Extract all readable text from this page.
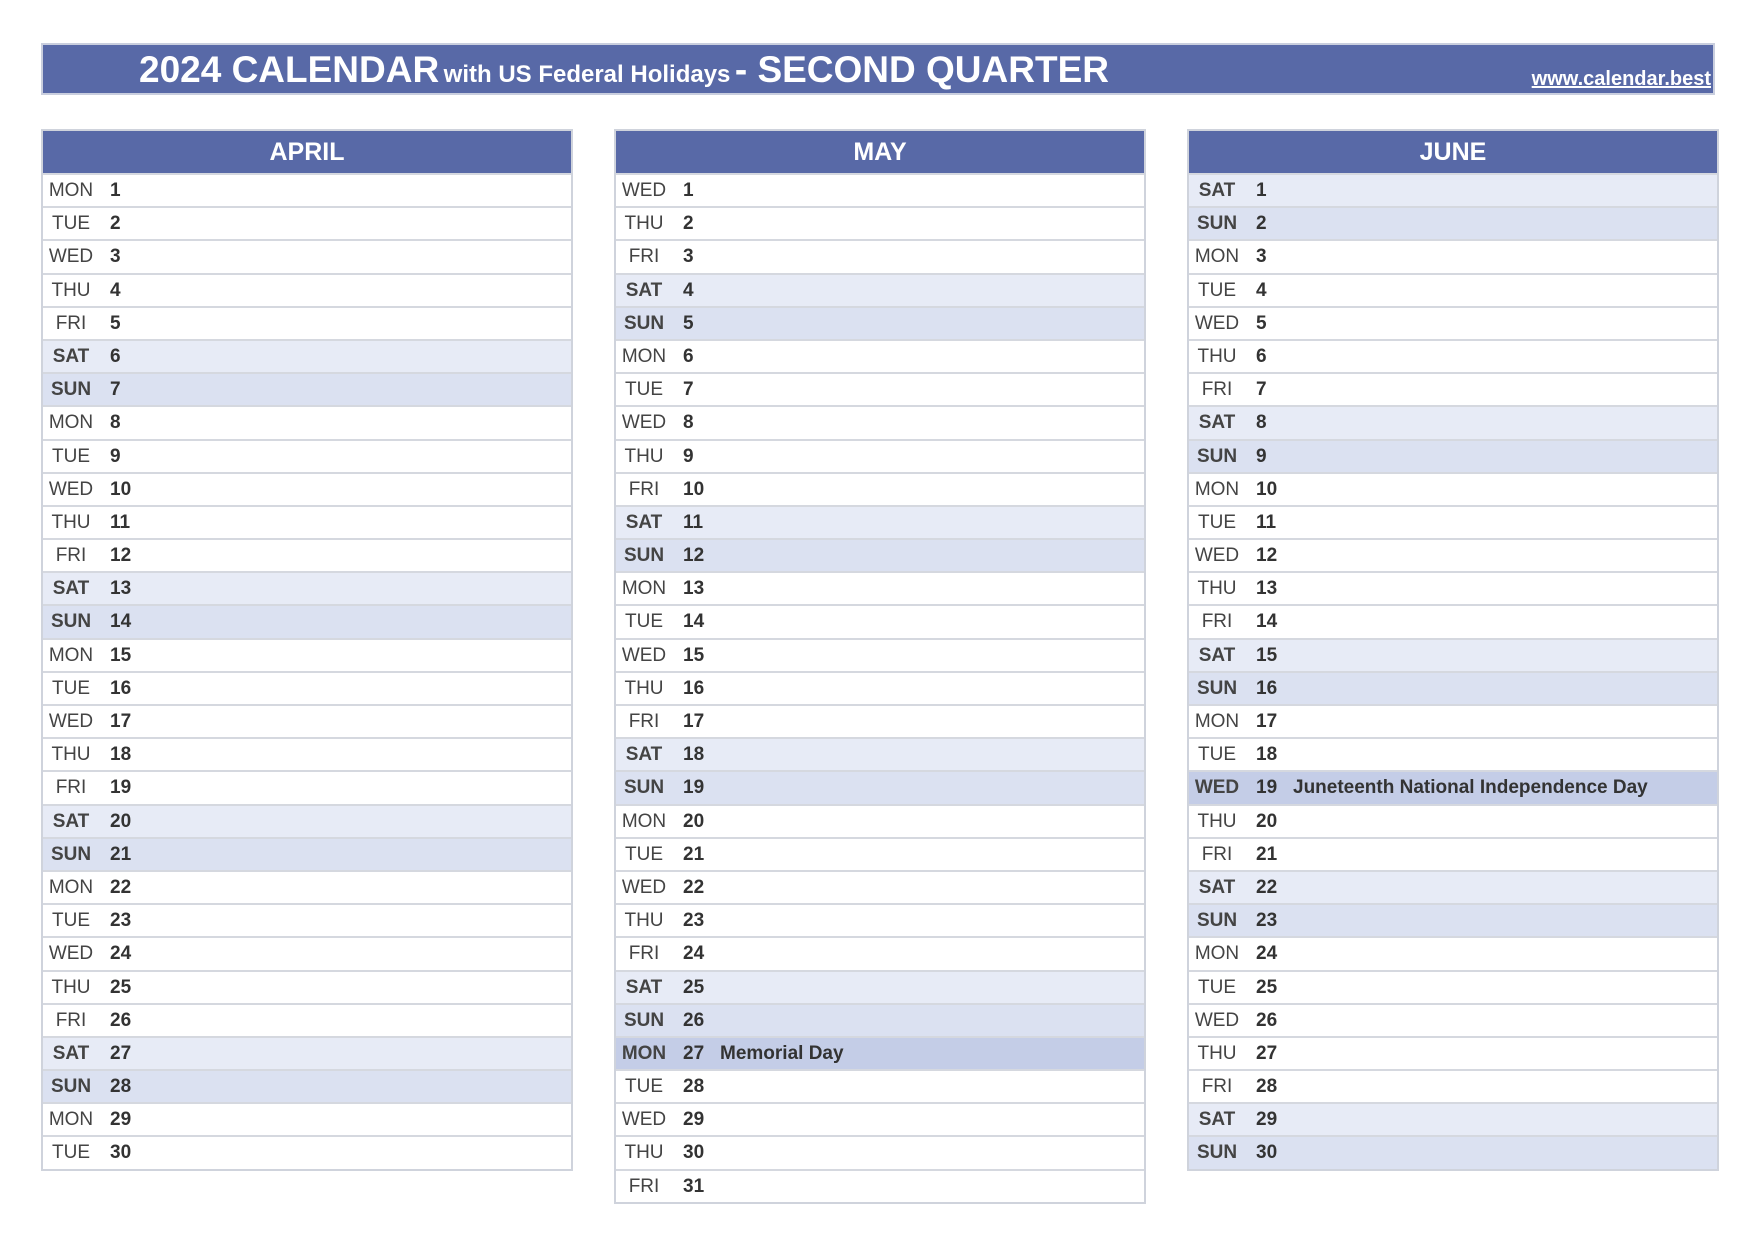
2024 CALENDAR with US Federal Holidays - SECOND QUARTER	www.calendar.best
APRIL
MON 1
TUE	2
WED 3
THU	4
FRI	5
SAT	6
SUN 7
MON 8
TUE	9
WED 10
THU	11
FRI	12
SAT	13
SUN 14
MON 15
TUE	16
WED 17
THU	18
FRI	19
SAT	20
SUN 21
MON 22
TUE	23
WED 24
THU	25
FRI	26
SAT	27
SUN 28
MON 29
TUE	30
MAY
WED 1
THU	2
FRI	3
SAT	4
SUN 5
MON 6
TUE	7
WED 8
THU	9
FRI	10
SAT	11
SUN 12
MON 13
TUE	14
WED 15
THU	16
FRI	17
SAT	18
SUN 19
MON 20
TUE	21
WED 22
THU	23
FRI	24
SAT	25
SUN 26
MON 27 Memorial Day
TUE	28
WED 29
THU	30
FRI	31
JUNE
SAT	1
SUN 2
MON 3
TUE	4
WED 5
THU	6
FRI	7
SAT	8
SUN 9
MON 10
TUE	11
WED 12
THU	13
FRI	14
SAT	15
SUN 16
MON 17
TUE	18
WED 19 Juneteenth National Independence Day
THU	20
FRI	21
SAT	22
SUN 23
MON 24
TUE	25
WED 26
THU	27
FRI	28
SAT	29
SUN 30
